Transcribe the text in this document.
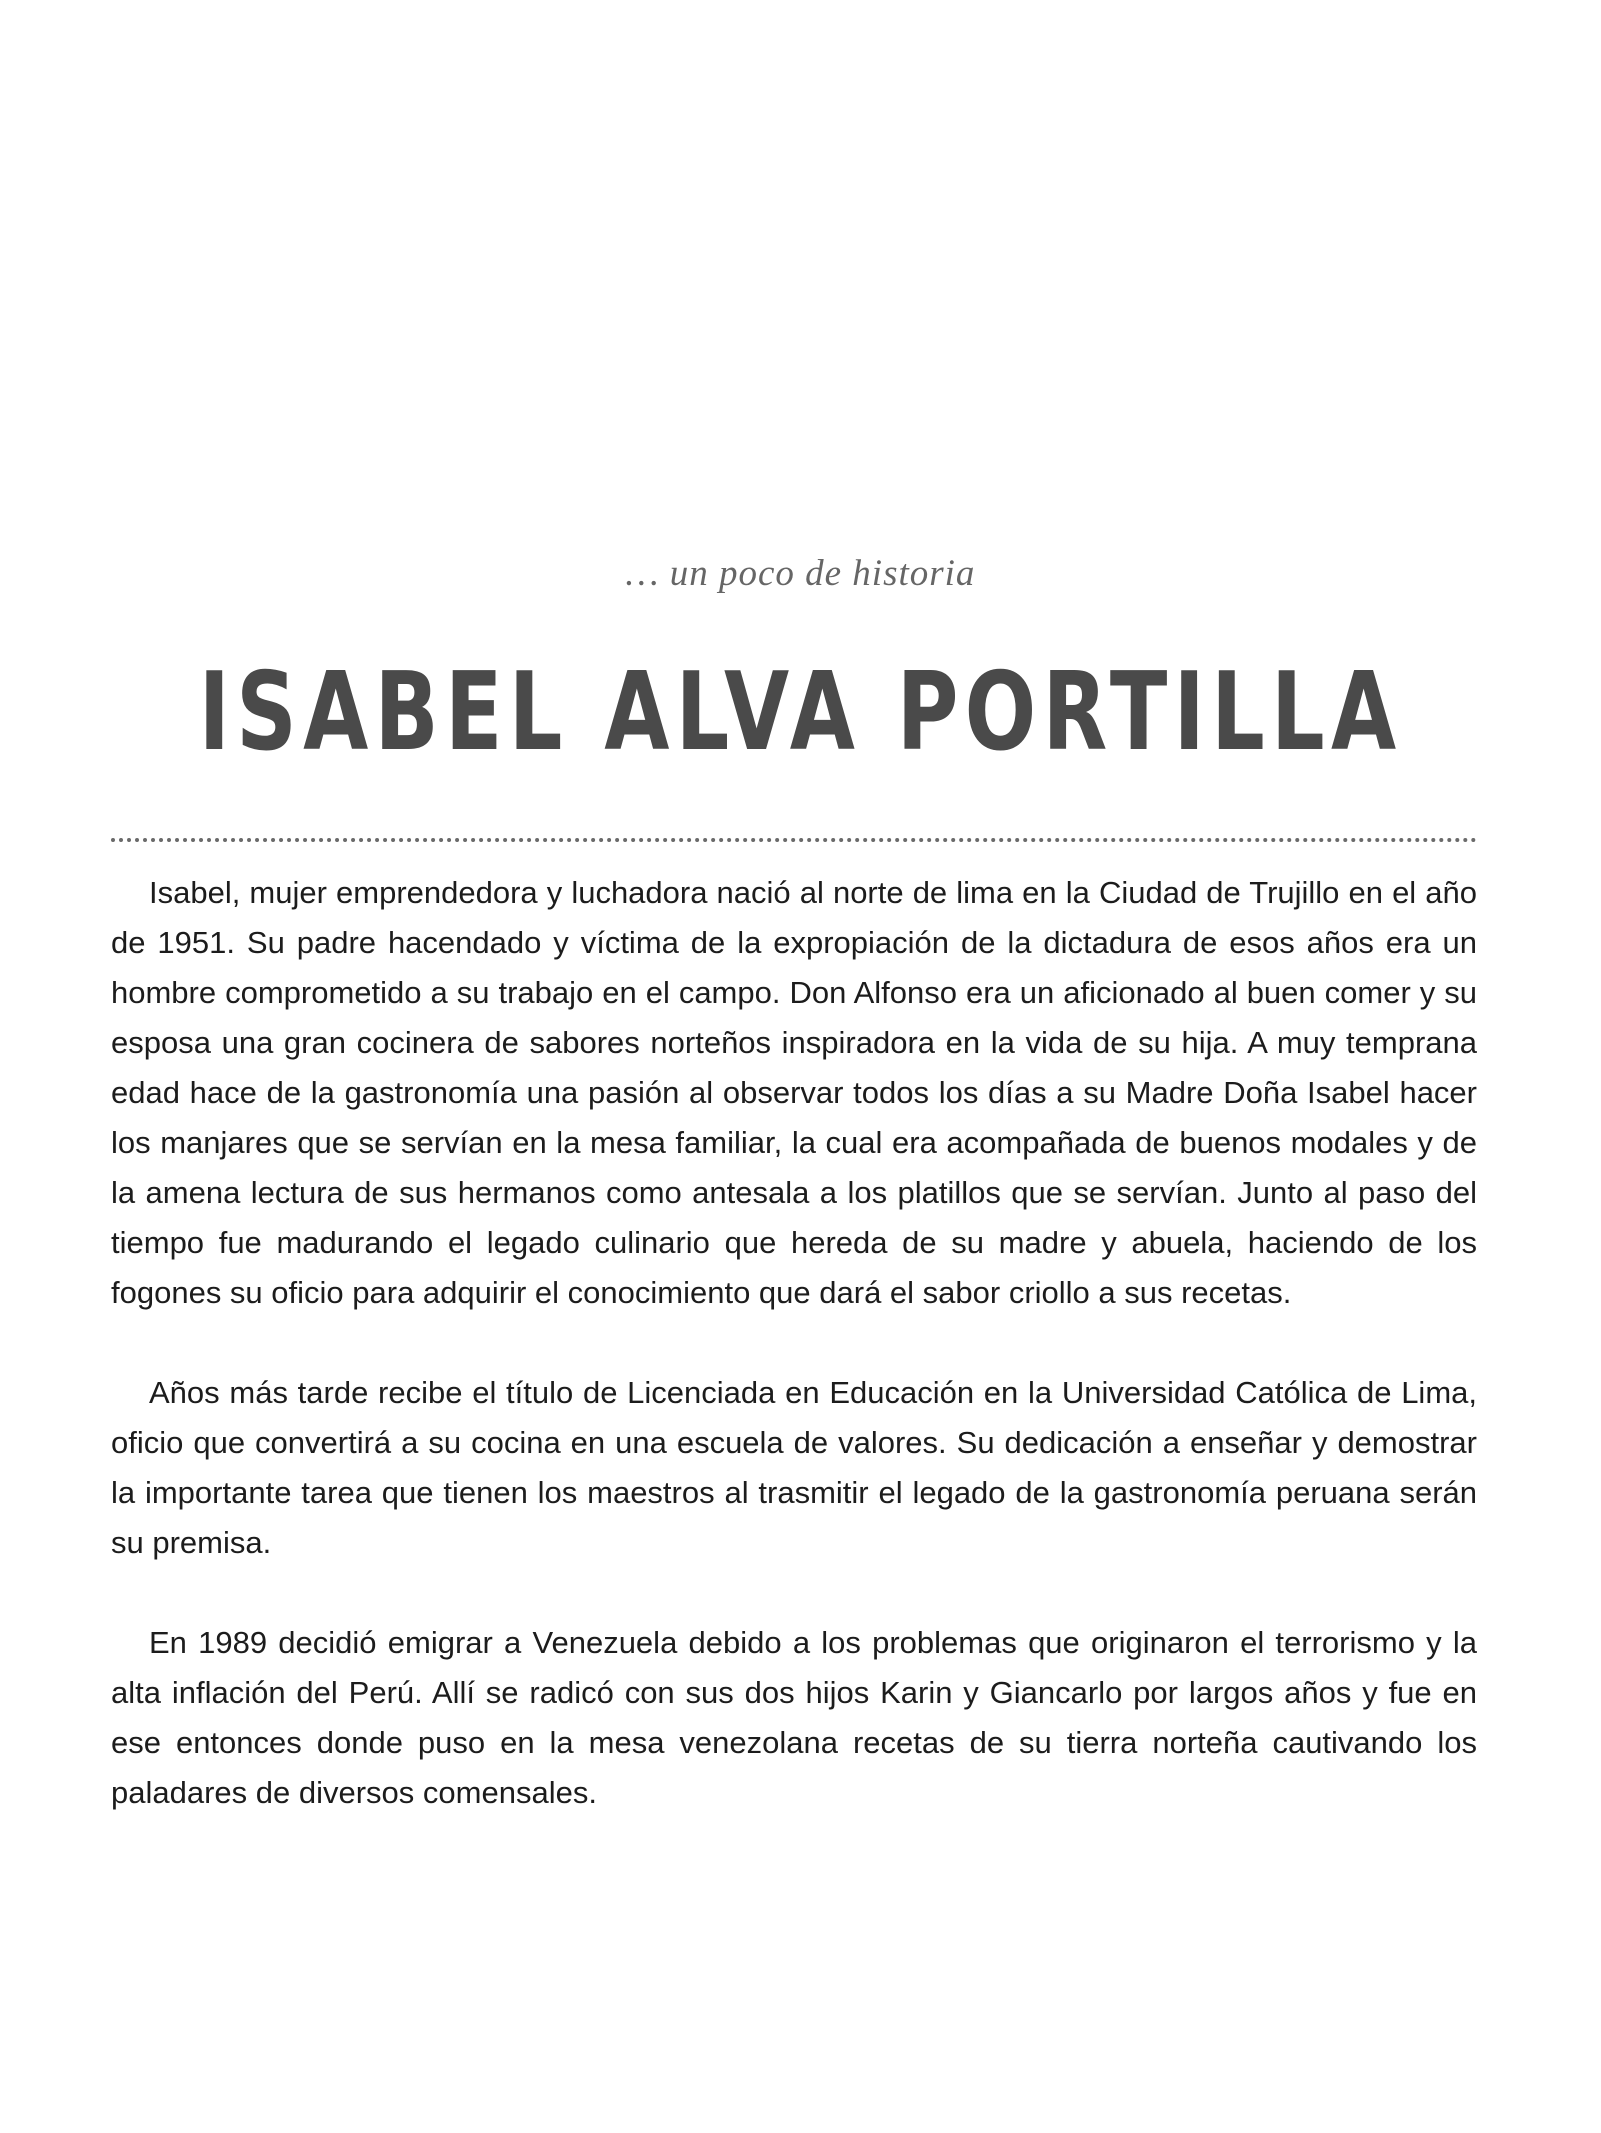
… un poco de historia
ISABEL ALVA PORTILLA

Isabel, mujer emprendedora y luchadora nació al norte de lima en la Ciudad de Trujillo en el año de 1951. Su padre hacendado y víctima de la expropiación de la dictadura de esos años era un hombre comprometido a su trabajo en el campo. Don Alfonso era un aficionado al buen comer y su esposa una gran cocinera de sabores norteños inspiradora en la vida de su hija. A muy temprana edad hace de la gastronomía una pasión al observar todos los días a su Madre Doña Isabel hacer los manjares que se servían en la mesa familiar, la cual era acompañada de buenos modales y de la amena lectura de sus hermanos como antesala a los platillos que se servían. Junto al paso del tiempo fue madurando el legado culinario que hereda de su madre y abuela, haciendo de los fogones su oficio para adquirir el conocimiento que dará el sabor criollo a sus recetas.

Años más tarde recibe el título de Licenciada en Educación en la Universidad Católica de Lima, oficio que convertirá a su cocina en una escuela de valores. Su dedicación a enseñar y demostrar la importante tarea que tienen los maestros al trasmitir el legado de la gastronomía peruana serán su premisa.

En 1989 decidió emigrar a Venezuela debido a los problemas que originaron el terrorismo y la alta inflación del Perú. Allí se radicó con sus dos hijos Karin y Giancarlo por largos años y fue en ese entonces donde puso en la mesa venezolana recetas de su tierra norteña cautivando los paladares de diversos comensales.
